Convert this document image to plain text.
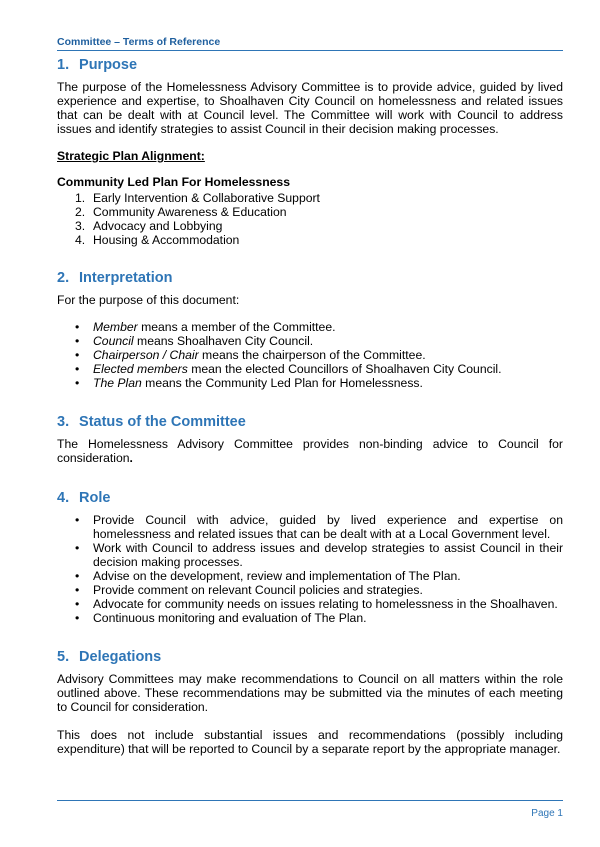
Committee – Terms of Reference
1. Purpose

The purpose of the Homelessness Advisory Committee is to provide advice, guided by lived experience and expertise, to Shoalhaven City Council on homelessness and related issues that can be dealt with at Council level. The Committee will work with Council to address issues and identify strategies to assist Council in their decision making processes.

Strategic Plan Alignment:

Community Led Plan For Homelessness

1. Early Intervention & Collaborative Support
2. Community Awareness & Education
3. Advocacy and Lobbying
4. Housing & Accommodation
2. Interpretation

For the purpose of this document:

• Member means a member of the Committee.
• Council means Shoalhaven City Council.
• Chairperson / Chair means the chairperson of the Committee.
• Elected members mean the elected Councillors of Shoalhaven City Council.
• The Plan means the Community Led Plan for Homelessness.
3. Status of the Committee

The Homelessness Advisory Committee provides non-binding advice to Council for consideration.

4. Role
• Provide Council with advice, guided by lived experience and expertise on homelessness and related issues that can be dealt with at a Local Government level.
• Work with Council to address issues and develop strategies to assist Council in their decision making processes.
• Advise on the development, review and implementation of The Plan.
• Provide comment on relevant Council policies and strategies.
• Advocate for community needs on issues relating to homelessness in the Shoalhaven.
• Continuous monitoring and evaluation of The Plan.
5. Delegations

Advisory Committees may make recommendations to Council on all matters within the role outlined above. These recommendations may be submitted via the minutes of each meeting to Council for consideration.

This does not include substantial issues and recommendations (possibly including expenditure) that will be reported to Council by a separate report by the appropriate manager.

Page 1
